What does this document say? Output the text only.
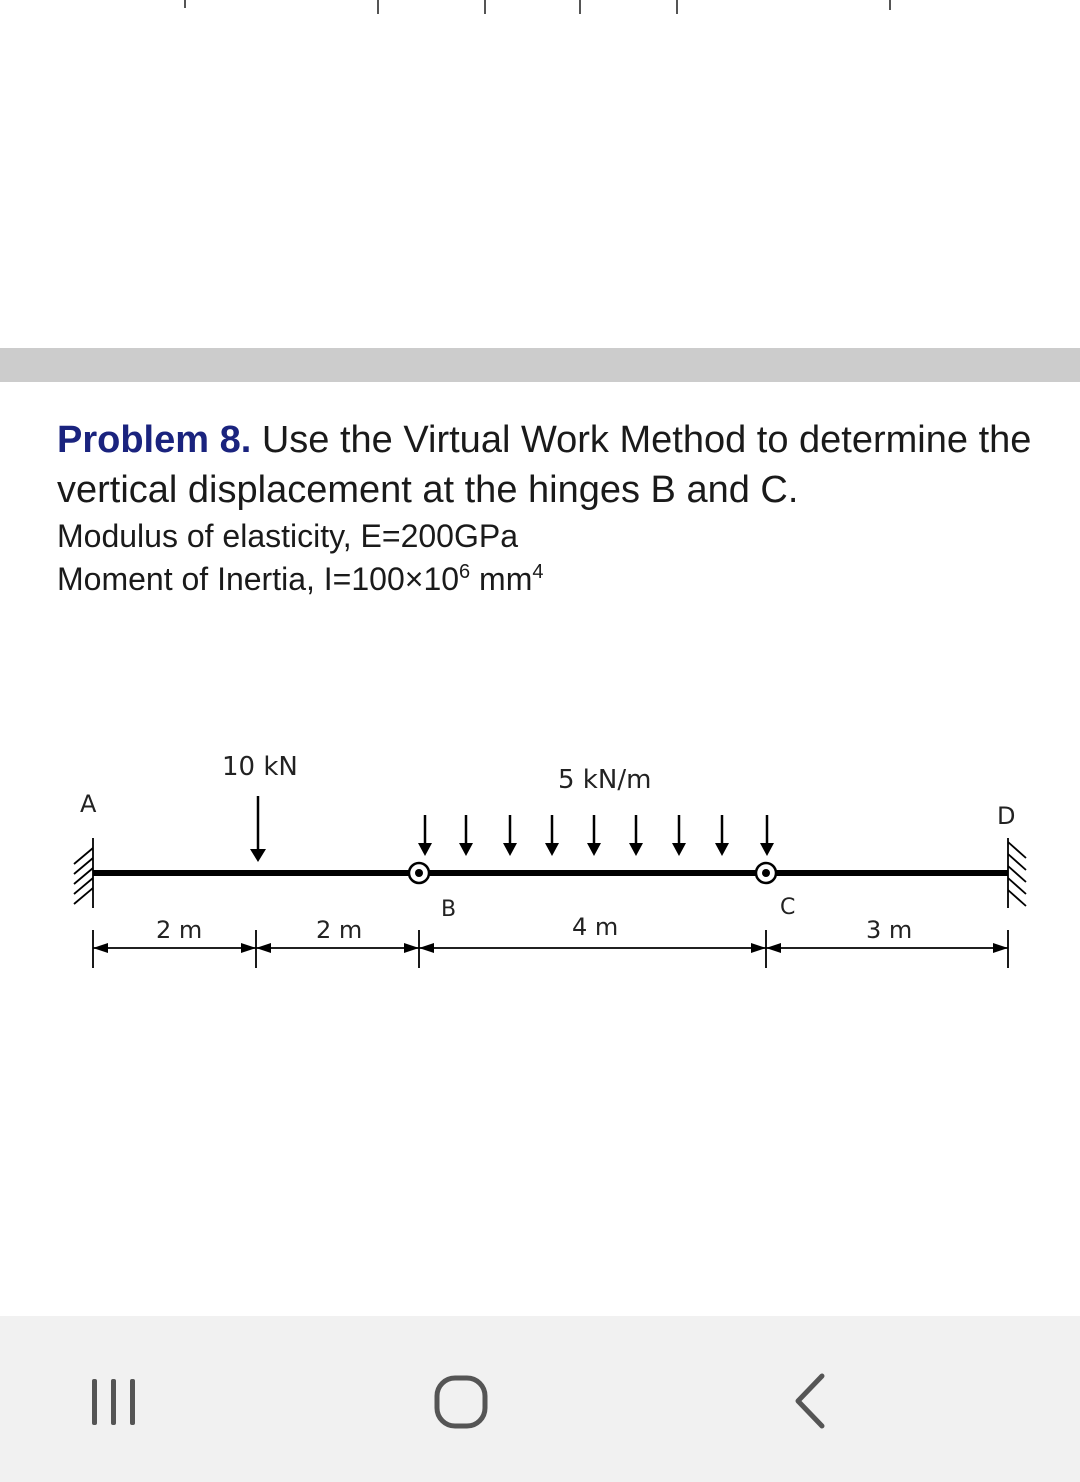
Problem 8. Use the Virtual Work Method to determine the vertical displacement at the hinges B and C.

Modulus of elasticity, E=200GPa

Moment of Inertia, $I=100\times 10^6$ $mm^4$

10 kN	5 kN/m
A
B	C
D
2 m	2 m	4 m	3 m
